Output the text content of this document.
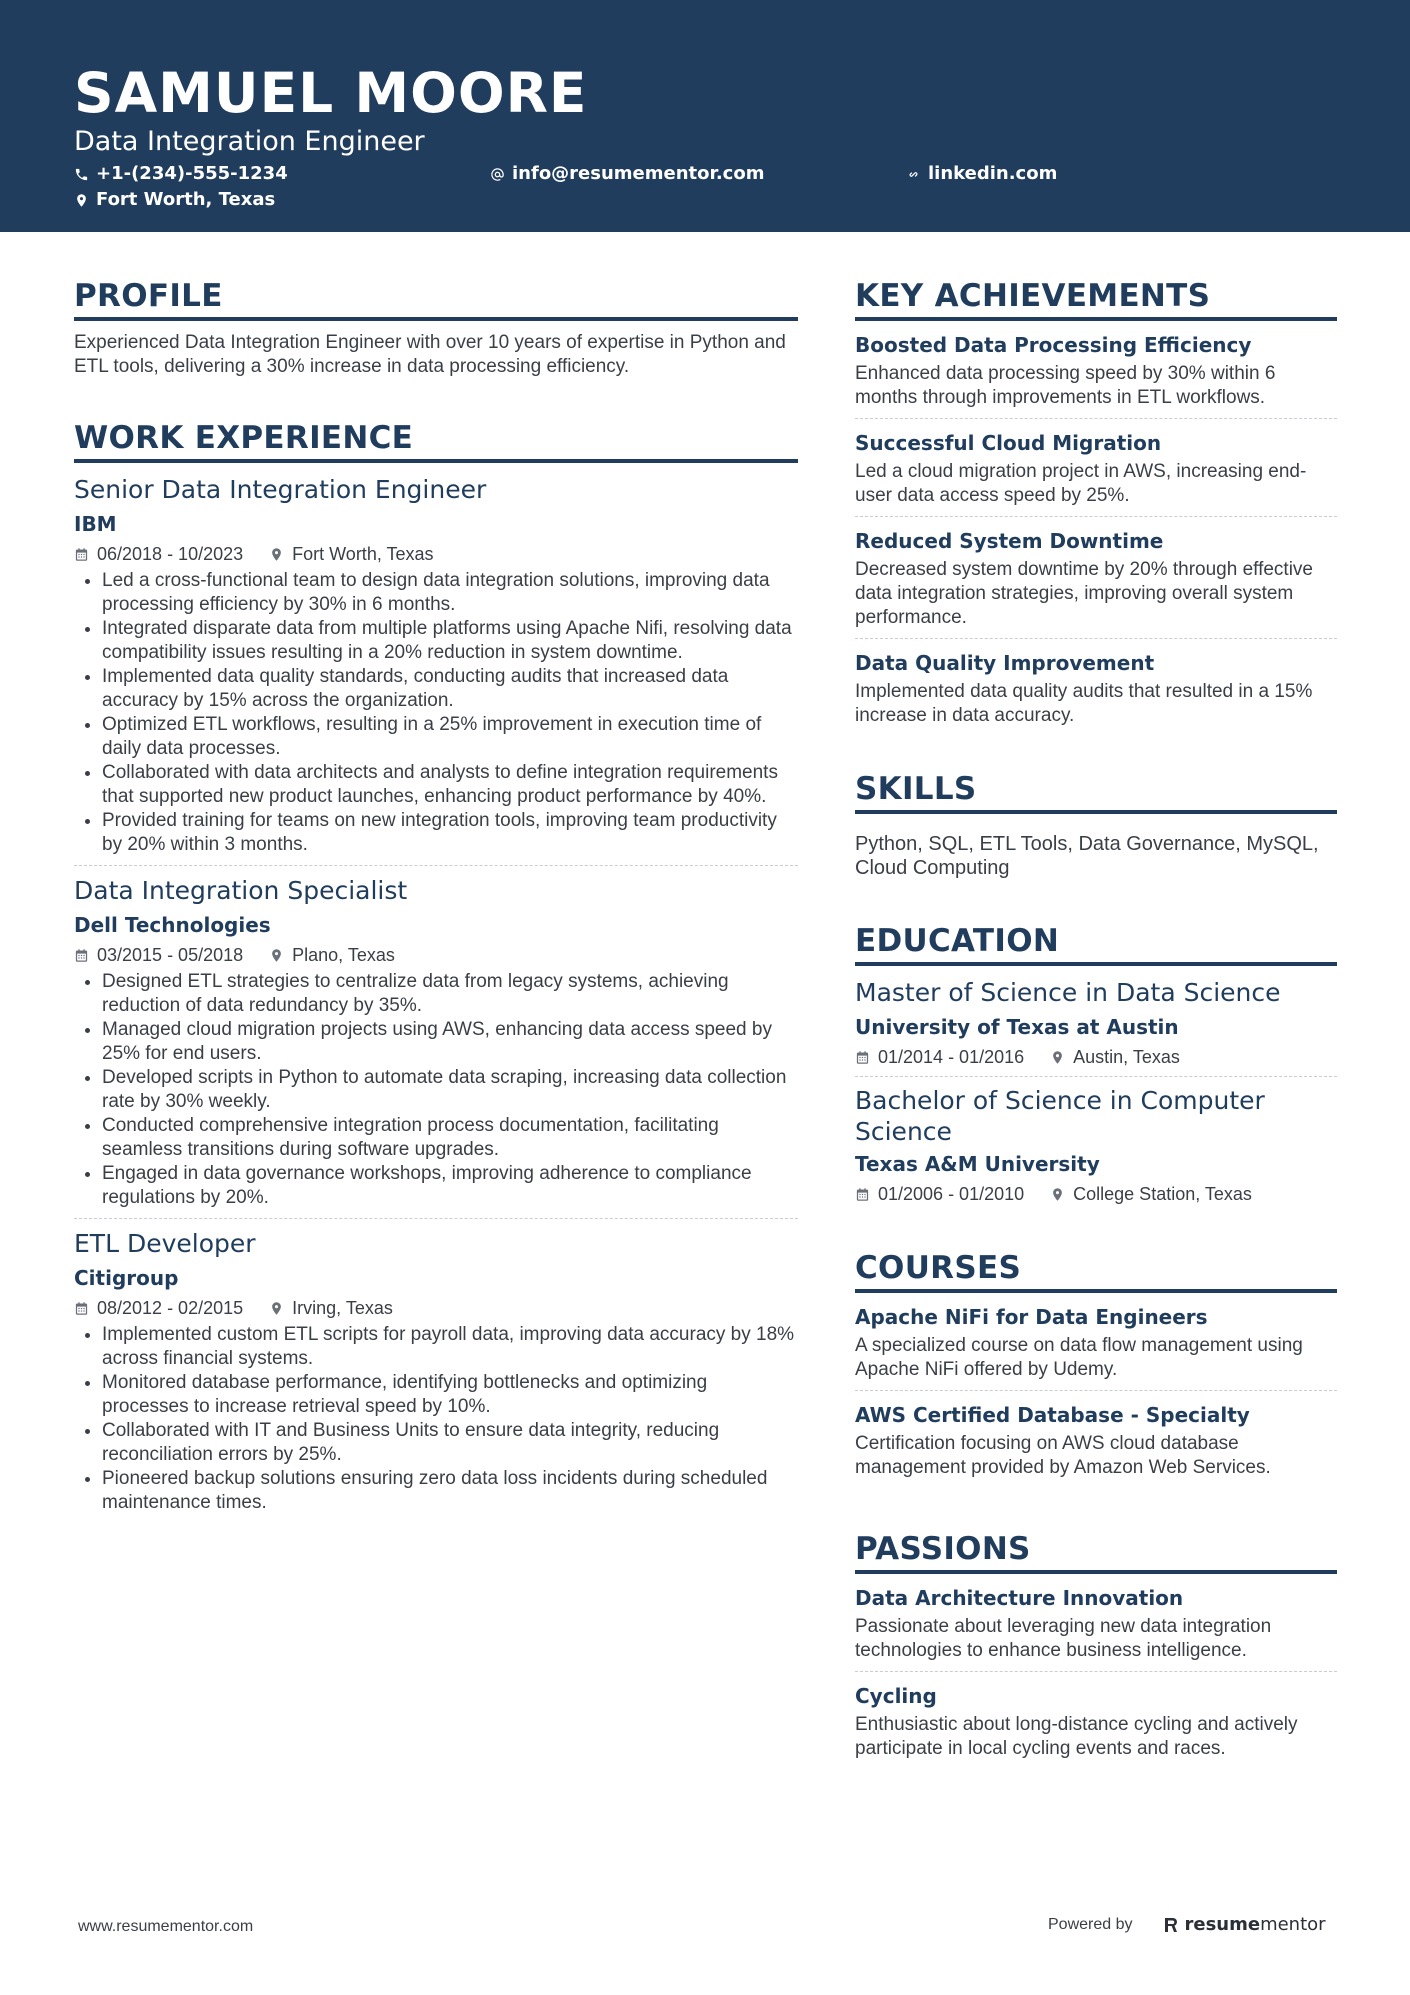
SAMUEL MOORE
Data Integration Engineer
+1-(234)-555-1234	info@resumementor.com	linkedin.com
Fort Worth, Texas
PROFILE

Experienced Data Integration Engineer with over 10 years of expertise in Python and ETL tools, delivering a 30% increase in data processing efficiency.

WORK EXPERIENCE
Senior Data Integration Engineer
IBM
06/2018 - 10/2023	Fort Worth, Texas
• Led a cross-functional team to design data integration solutions, improving data processing efficiency by 30% in 6 months.
• Integrated disparate data from multiple platforms using Apache Nifi, resolving data compatibility issues resulting in a 20% reduction in system downtime.
• Implemented data quality standards, conducting audits that increased data accuracy by 15% across the organization.
• Optimized ETL workflows, resulting in a 25% improvement in execution time of daily data processes.
• Collaborated with data architects and analysts to define integration requirements that supported new product launches, enhancing product performance by 40%.
• Provided training for teams on new integration tools, improving team productivity by 20% within 3 months.
Data Integration Specialist
Dell Technologies
03/2015 - 05/2018	Plano, Texas
• Designed ETL strategies to centralize data from legacy systems, achieving reduction of data redundancy by 35%.
• Managed cloud migration projects using AWS, enhancing data access speed by 25% for end users.
• Developed scripts in Python to automate data scraping, increasing data collection rate by 30% weekly.
• Conducted comprehensive integration process documentation, facilitating seamless transitions during software upgrades.
• Engaged in data governance workshops, improving adherence to compliance regulations by 20%.
ETL Developer
Citigroup
08/2012 - 02/2015	Irving, Texas
• Implemented custom ETL scripts for payroll data, improving data accuracy by 18% across financial systems.
• Monitored database performance, identifying bottlenecks and optimizing processes to increase retrieval speed by 10%.
• Collaborated with IT and Business Units to ensure data integrity, reducing reconciliation errors by 25%.
• Pioneered backup solutions ensuring zero data loss incidents during scheduled maintenance times.
KEY ACHIEVEMENTS
Boosted Data Processing Efficiency

Enhanced data processing speed by 30% within 6 months through improvements in ETL workflows.

Successful Cloud Migration

Led a cloud migration project in AWS, increasing end-user data access speed by 25%.

Reduced System Downtime

Decreased system downtime by 20% through effective data integration strategies, improving overall system performance.

Data Quality Improvement

Implemented data quality audits that resulted in a 15% increase in data accuracy.

SKILLS

Python, SQL, ETL Tools, Data Governance, MySQL, Cloud Computing

EDUCATION
Master of Science in Data Science
University of Texas at Austin
01/2014 - 01/2016	Austin, Texas
Bachelor of Science in Computer Science
Texas A&M University
01/2006 - 01/2010	College Station, Texas
COURSES
Apache NiFi for Data Engineers

A specialized course on data flow management using Apache NiFi offered by Udemy.

AWS Certified Database - Specialty

Certification focusing on AWS cloud database management provided by Amazon Web Services.

PASSIONS
Data Architecture Innovation

Passionate about leveraging new data integration technologies to enhance business intelligence.

Cycling

Enthusiastic about long-distance cycling and actively participate in local cycling events and races.

www.resumementor.com	Powered by	resume mentor
